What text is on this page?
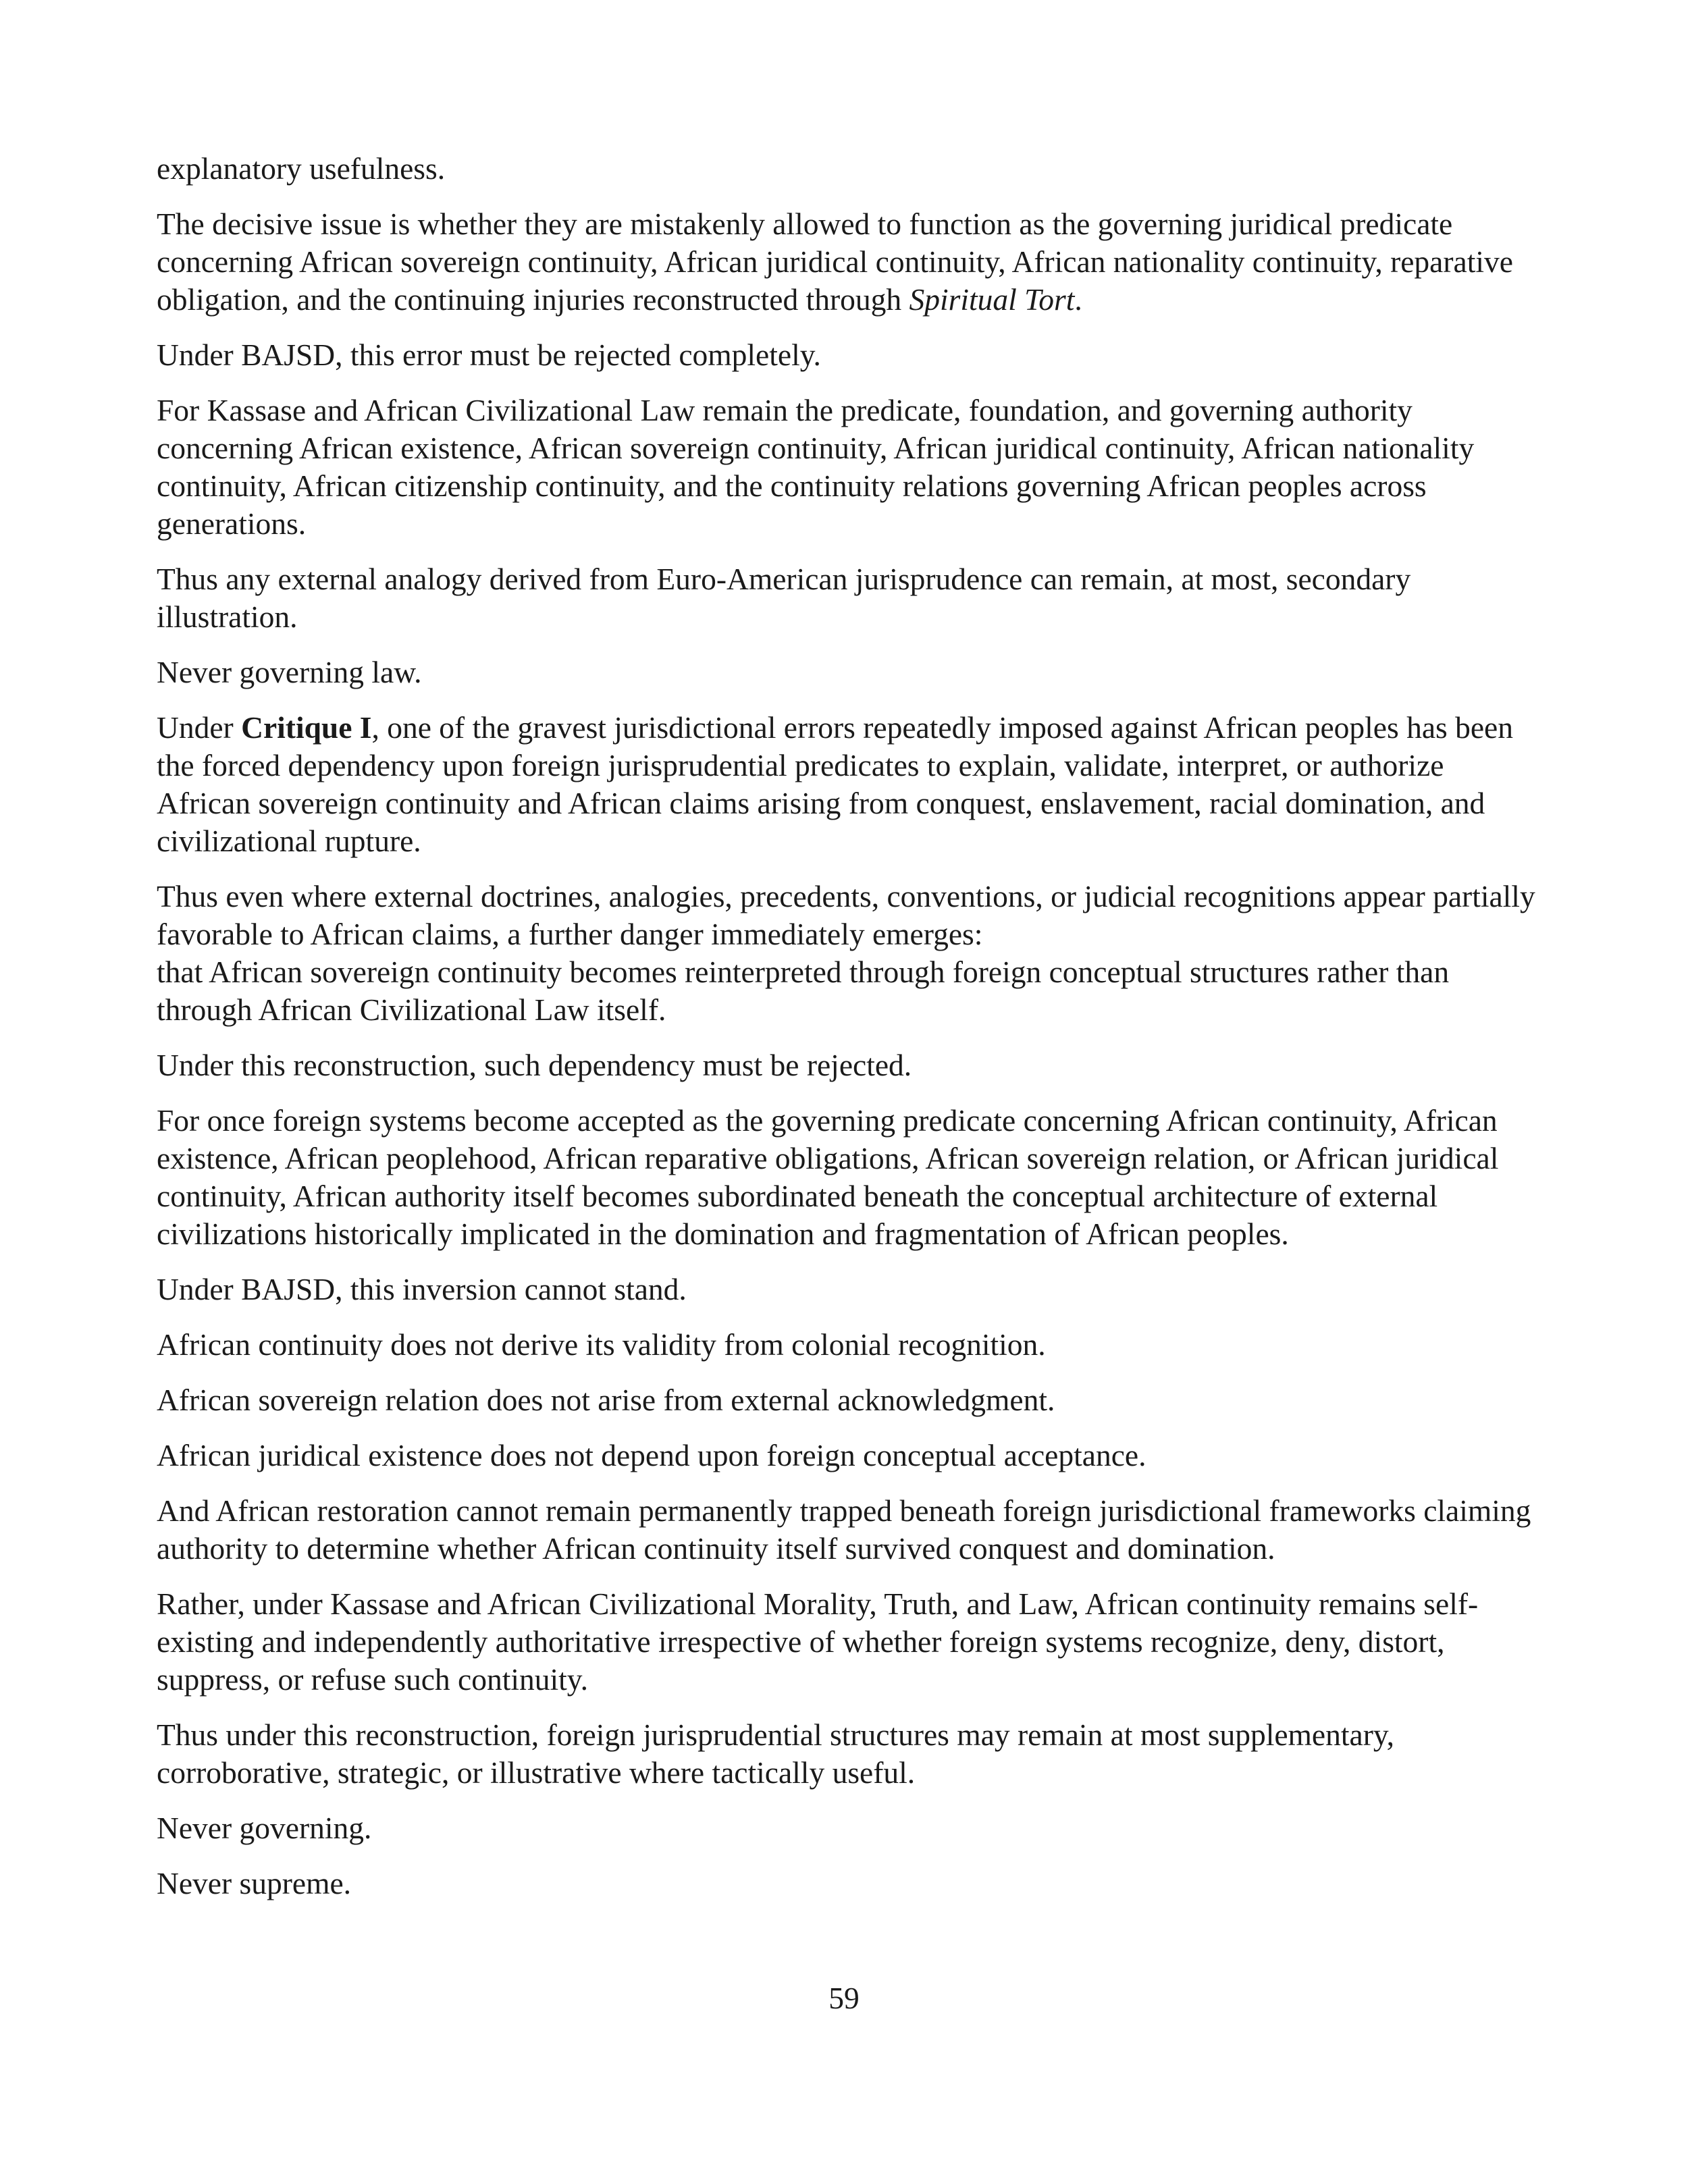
explanatory usefulness.

The decisive issue is whether they are mistakenly allowed to function as the governing juridical predicate concerning African sovereign continuity, African juridical continuity, African nationality continuity, reparative obligation, and the continuing injuries reconstructed through Spiritual Tort.

Under BAJSD, this error must be rejected completely.

For Kassase and African Civilizational Law remain the predicate, foundation, and governing authority concerning African existence, African sovereign continuity, African juridical continuity, African nationality continuity, African citizenship continuity, and the continuity relations governing African peoples across generations.

Thus any external analogy derived from Euro-American jurisprudence can remain, at most, secondary illustration.

Never governing law.

Under Critique I, one of the gravest jurisdictional errors repeatedly imposed against African peoples has been the forced dependency upon foreign jurisprudential predicates to explain, validate, interpret, or authorize African sovereign continuity and African claims arising from conquest, enslavement, racial domination, and civilizational rupture.

Thus even where external doctrines, analogies, precedents, conventions, or judicial recognitions appear partially favorable to African claims, a further danger immediately emerges:
that African sovereign continuity becomes reinterpreted through foreign conceptual structures rather than through African Civilizational Law itself.

Under this reconstruction, such dependency must be rejected.

For once foreign systems become accepted as the governing predicate concerning African continuity, African existence, African peoplehood, African reparative obligations, African sovereign relation, or African juridical continuity, African authority itself becomes subordinated beneath the conceptual architecture of external civilizations historically implicated in the domination and fragmentation of African peoples.

Under BAJSD, this inversion cannot stand.

African continuity does not derive its validity from colonial recognition.

African sovereign relation does not arise from external acknowledgment.

African juridical existence does not depend upon foreign conceptual acceptance.

And African restoration cannot remain permanently trapped beneath foreign jurisdictional frameworks claiming authority to determine whether African continuity itself survived conquest and domination.

Rather, under Kassase and African Civilizational Morality, Truth, and Law, African continuity remains self-existing and independently authoritative irrespective of whether foreign systems recognize, deny, distort, suppress, or refuse such continuity.

Thus under this reconstruction, foreign jurisprudential structures may remain at most supplementary, corroborative, strategic, or illustrative where tactically useful.

Never governing.

Never supreme.

59
